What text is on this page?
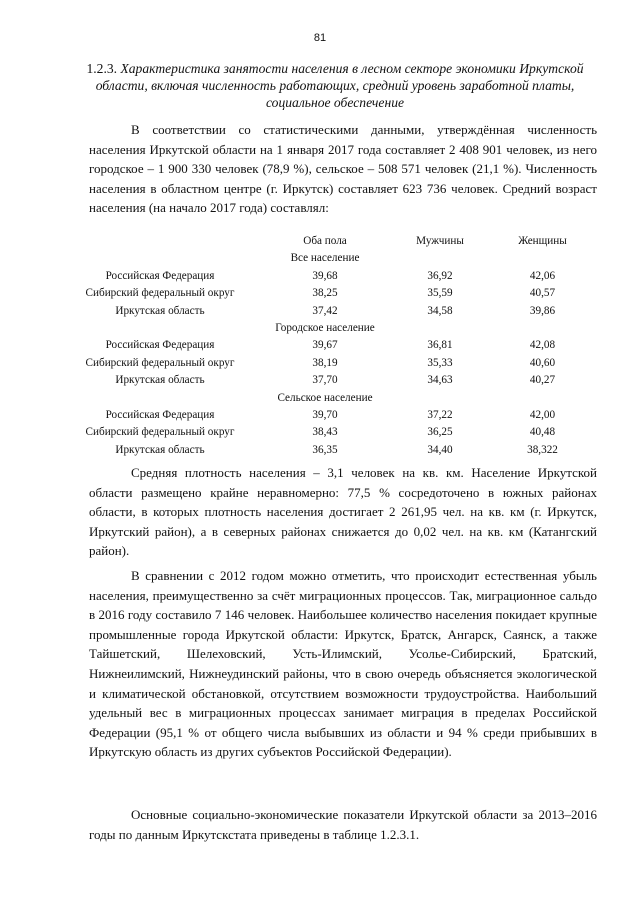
81
1.2.3. Характеристика занятости населения в лесном секторе экономики Иркутской области, включая численность работающих, средний уровень заработной платы, социальное обеспечение
В соответствии со статистическими данными, утверждённая численность населения Иркутской области на 1 января 2017 года составляет 2 408 901 человек, из него городское – 1 900 330 человек (78,9 %), сельское – 508 571 человек (21,1 %). Численность населения в областном центре (г. Иркутск) составляет 623 736 человек. Средний возраст населения (на начало 2017 года) составлял:
Оба пола	Мужчины	Женщины
Все население
Российская Федерация	39,68	36,92	42,06
Сибирский федеральный округ	38,25	35,59	40,57
Иркутская область	37,42	34,58	39,86
Городское население
Российская Федерация	39,67	36,81	42,08
Сибирский федеральный округ	38,19	35,33	40,60
Иркутская область	37,70	34,63	40,27
Сельское население
Российская Федерация	39,70	37,22	42,00
Сибирский федеральный округ	38,43	36,25	40,48
Иркутская область	36,35	34,40	38,322
Средняя плотность населения – 3,1 человек на кв. км. Население Иркутской области размещено крайне неравномерно: 77,5 % сосредоточено в южных районах области, в которых плотность населения достигает 2 261,95 чел. на кв. км (г. Иркутск, Иркутский район), а в северных районах снижается до 0,02 чел. на кв. км (Катангский район).
В сравнении с 2012 годом можно отметить, что происходит естественная убыль населения, преимущественно за счёт миграционных процессов. Так, миграционное сальдо в 2016 году составило 7 146 человек. Наибольшее количество населения покидает крупные промышленные города Иркутской области: Иркутск, Братск, Ангарск, Саянск, а также Тайшетский, Шелеховский, Усть-Илимский, Усолье-Сибирский, Братский, Нижнеилимский, Нижнеудинский районы, что в свою очередь объясняется экологической и климатической обстановкой, отсутствием возможности трудоустройства. Наибольший удельный вес в миграционных процессах занимает миграция в пределах Российской Федерации (95,1 % от общего числа выбывших из области и 94 % среди прибывших в Иркутскую область из других субъектов Российской Федерации).
Основные социально-экономические показатели Иркутской области за 2013–2016 годы по данным Иркутскстата приведены в таблице 1.2.3.1.
